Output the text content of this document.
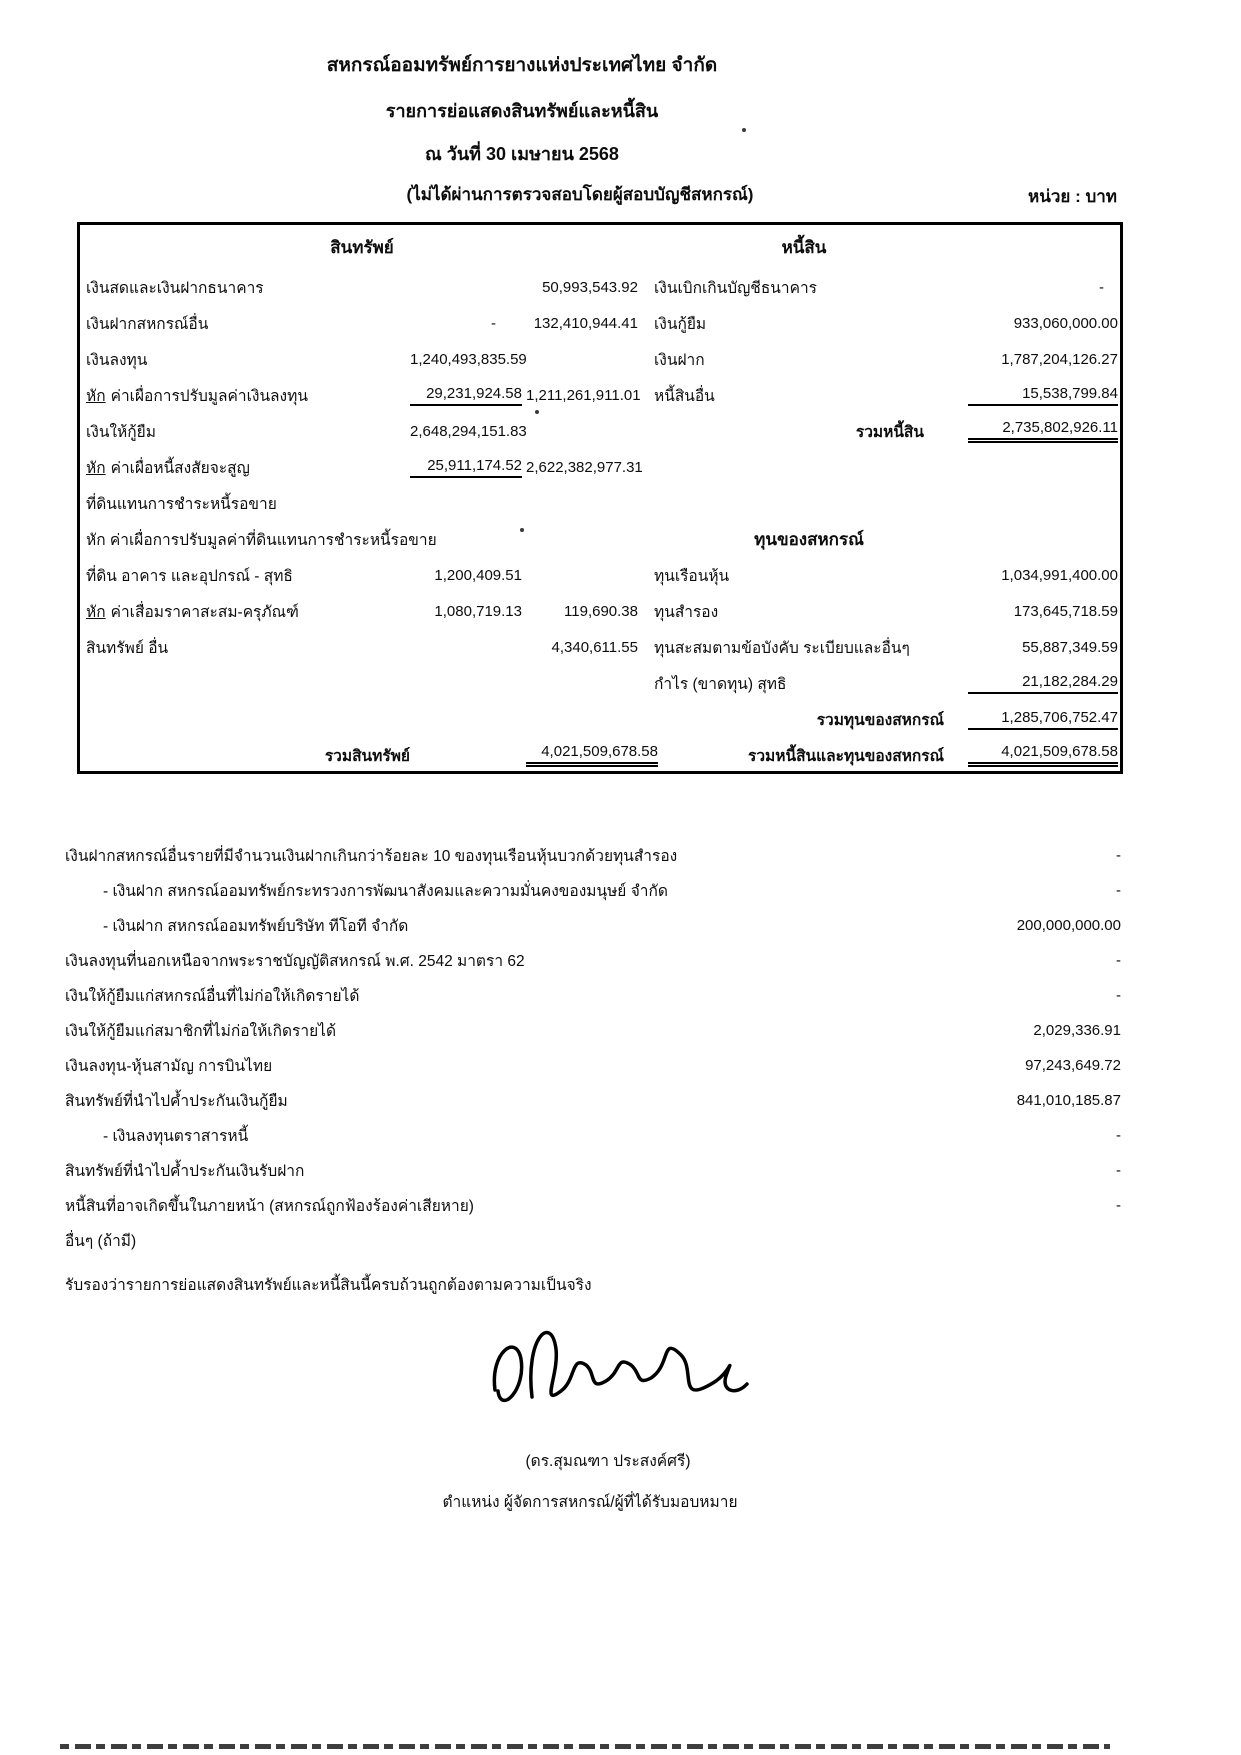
สหกรณ์ออมทรัพย์การยางแห่งประเทศไทย จำกัด
รายการย่อแสดงสินทรัพย์และหนี้สิน
ณ วันที่ 30 เมษายน 2568
(ไม่ได้ผ่านการตรวจสอบโดยผู้สอบบัญชีสหกรณ์)	หน่วย : บาท
สินทรัพย์	หนี้สิน
เงินสดและเงินฝากธนาคาร	50,993,543.92	เงินเบิกเกินบัญชีธนาคาร	-
เงินฝากสหกรณ์อื่น	-	132,410,944.41	เงินกู้ยืม	933,060,000.00
เงินลงทุน	1,240,493,835.59	เงินฝาก	1,787,204,126.27
หัก ค่าเผื่อการปรับมูลค่าเงินลงทุน	29,231,924.58 1,211,261,911.01 หนี้สินอื่น	15,538,799.84
เงินให้กู้ยืม	2,648,294,151.83	รวมหนี้สิน	2,735,802,926.11
หัก ค่าเผื่อหนี้สงสัยจะสูญ	25,911,174.52 2,622,382,977.31
ที่ดินแทนการชำระหนี้รอขาย
หัก ค่าเผื่อการปรับมูลค่าที่ดินแทนการชำระหนี้รอขาย	ทุนของสหกรณ์
ที่ดิน อาคาร และอุปกรณ์ - สุทธิ	1,200,409.51	ทุนเรือนหุ้น	1,034,991,400.00
หัก ค่าเสื่อมราคาสะสม-ครุภัณฑ์	1,080,719.13	119,690.38	ทุนสำรอง	173,645,718.59
สินทรัพย์ อื่น	4,340,611.55	ทุนสะสมตามข้อบังคับ ระเบียบและอื่นๆ	55,887,349.59
กำไร (ขาดทุน) สุทธิ	21,182,284.29
รวมทุนของสหกรณ์	1,285,706,752.47
รวมสินทรัพย์	4,021,509,678.58	รวมหนี้สินและทุนของสหกรณ์	4,021,509,678.58
เงินฝากสหกรณ์อื่นรายที่มีจำนวนเงินฝากเกินกว่าร้อยละ 10 ของทุนเรือนหุ้นบวกด้วยทุนสำรอง	-
- เงินฝาก สหกรณ์ออมทรัพย์กระทรวงการพัฒนาสังคมและความมั่นคงของมนุษย์ จำกัด	-
- เงินฝาก สหกรณ์ออมทรัพย์บริษัท ทีโอที จำกัด	200,000,000.00
เงินลงทุนที่นอกเหนือจากพระราชบัญญัติสหกรณ์ พ.ศ. 2542 มาตรา 62	-
เงินให้กู้ยืมแก่สหกรณ์อื่นที่ไม่ก่อให้เกิดรายได้	-
เงินให้กู้ยืมแก่สมาชิกที่ไม่ก่อให้เกิดรายได้	2,029,336.91
เงินลงทุน-หุ้นสามัญ การบินไทย	97,243,649.72
สินทรัพย์ที่นำไปค้ำประกันเงินกู้ยืม	841,010,185.87
- เงินลงทุนตราสารหนี้	-
สินทรัพย์ที่นำไปค้ำประกันเงินรับฝาก	-
หนี้สินที่อาจเกิดขึ้นในภายหน้า (สหกรณ์ถูกฟ้องร้องค่าเสียหาย)	-
อื่นๆ (ถ้ามี)
รับรองว่ารายการย่อแสดงสินทรัพย์และหนี้สินนี้ครบถ้วนถูกต้องตามความเป็นจริง
(ดร.สุมณฑา ประสงค์ศรี)
ตำแหน่ง ผู้จัดการสหกรณ์/ผู้ที่ได้รับมอบหมาย
